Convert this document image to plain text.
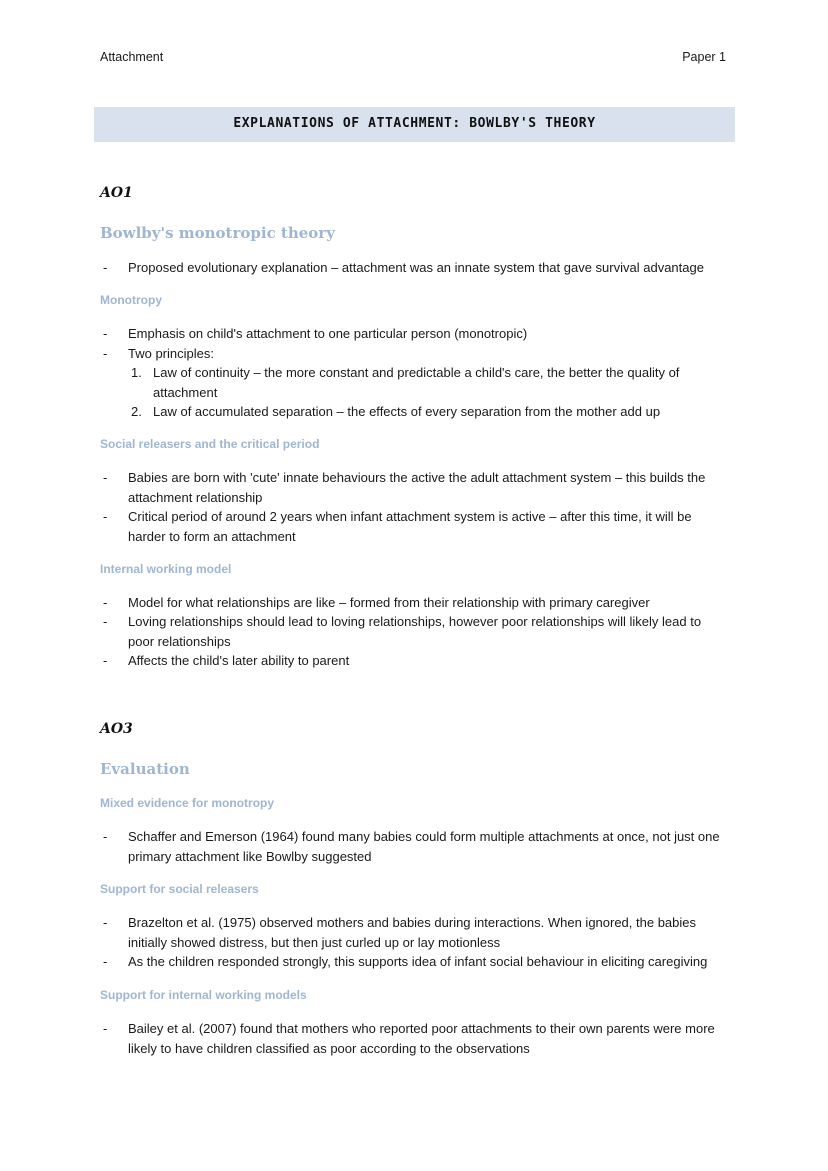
Attachment	Paper 1
EXPLANATIONS OF ATTACHMENT: BOWLBY'S THEORY
AO1
Bowlby's monotropic theory
- Proposed evolutionary explanation – attachment was an innate system that gave survival advantage
Monotropy
- Emphasis on child's attachment to one particular person (monotropic)
- Two principles:
1. Law of continuity – the more constant and predictable a child's care, the better the quality of attachment
2. Law of accumulated separation – the effects of every separation from the mother add up
Social releasers and the critical period
- Babies are born with 'cute' innate behaviours the active the adult attachment system – this builds the attachment relationship
- Critical period of around 2 years when infant attachment system is active – after this time, it will be harder to form an attachment
Internal working model
- Model for what relationships are like – formed from their relationship with primary caregiver
- Loving relationships should lead to loving relationships, however poor relationships will likely lead to poor relationships
- Affects the child's later ability to parent
AO3
Evaluation
Mixed evidence for monotropy
- Schaffer and Emerson (1964) found many babies could form multiple attachments at once, not just one primary attachment like Bowlby suggested
Support for social releasers
- Brazelton et al. (1975) observed mothers and babies during interactions. When ignored, the babies initially showed distress, but then just curled up or lay motionless
- As the children responded strongly, this supports idea of infant social behaviour in eliciting caregiving
Support for internal working models
- Bailey et al. (2007) found that mothers who reported poor attachments to their own parents were more likely to have children classified as poor according to the observations
